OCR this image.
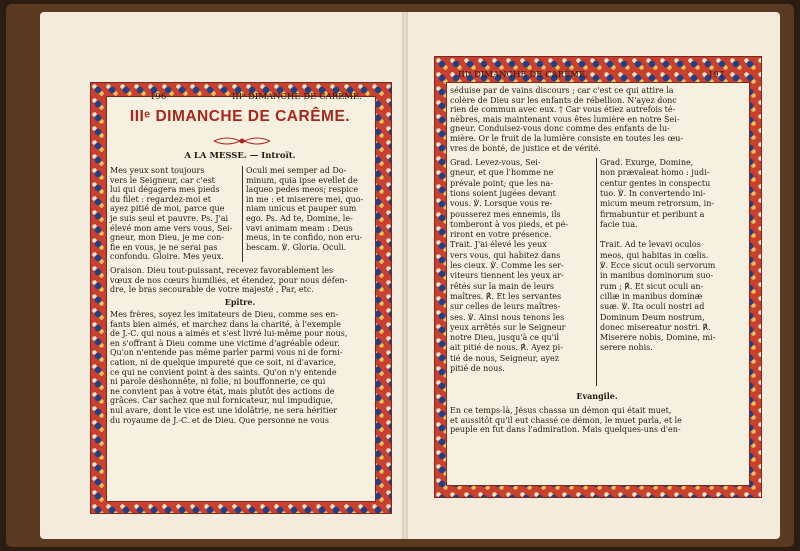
196	IIIᵉ DIMANCHE DE CARÊME.
IIIᵉ DIMANCHE DE CARÊME.
A LA MESSE. — Introït.
Mes yeux sont toujours
vers le Seigneur, car c'est
lui qui dégagera mes pieds
du filet : regardez-moi et
ayez pitié de moi, parce que
je suis seul et pauvre. Ps. J'ai
élevé mon ame vers vous, Sei-
gneur, mon Dieu, je me con-
fie en vous, je ne serai pas
confondu. Gloire. Mes yeux.
Oculi mei semper ad Do-
minum, quia ipse evellet de
laqueo pedes meos; respice
in me : et miserere mei, quo-
niam unicus et pauper sum
ego. Ps. Ad te, Domine, le-
vavi animam meam : Deus
meus, in te confido, non eru-
bescam. ℣. Gloria. Oculi.
Oraison. Dieu tout-puissant, recevez favorablement les
vœux de nos cœurs humiliés, et étendez, pour nous défen-
dre, le bras secourable de votre majesté , Par, etc.
Epître.
Mes frères, soyez les imitateurs de Dieu, comme ses en-
fants bien aimés, et marchez dans la charité, à l'exemple
de J.-C. qui nous a aimés et s'est livré lui-même pour nous,
en s'offrant à Dieu comme une victime d'agréable odeur.
Qu'on n'entende pas même parler parmi vous ni de forni-
cation, ni de quelque impureté que ce soit, ni d'avarice,
ce qui ne convient point à des saints. Qu'on n'y entende
ni parole déshonnête, ni folie, ni bouffonnerie, ce qui
ne convient pas à votre état, mais plutôt des actions de
grâces. Car sachez que nul fornicateur, nul impudique,
nul avare, dont le vice est une idolâtrie, ne sera héritier
du royaume de J.-C. et de Dieu. Que personne ne vous
IIIᵉ DIMANCHE DE CARÊME.	197
séduise par de vains discours ; car c'est ce qui attire la
colère de Dieu sur les enfants de rébellion. N'ayez donc
rien de commun avec eux. † Car vous étiez autrefois té-
nèbres, mais maintenant vous êtes lumière en notre Sei-
gneur. Conduisez-vous donc comme des enfants de lu-
mière. Or le fruit de la lumière consiste en toutes les œu-
vres de bonté, de justice et de vérité.
Grad. Levez-vous, Sei-
gneur, et que l'homme ne
prévale point; que les na-
tions soient jugées devant
vous. ℣. Lorsque vous re-
pousserez mes ennemis, ils
tomberont à vos pieds, et pé-
riront en votre présence.
Trait. J'ai élevé les yeux
vers vous, qui habitez dans
les cieux. ℣. Comme les ser-
viteurs tiennent les yeux ar-
rêtés sur la main de leurs
maîtres. ℟. Et les servantes
sur celles de leurs maîtres-
ses. ℣. Ainsi nous tenons les
yeux arrêtés sur le Seigneur
notre Dieu, jusqu'à ce qu'il
ait pitié de nous. ℟. Ayez pi-
tié de nous, Seigneur, ayez
pitié de nous.
Grad. Exurge, Domine,
non prævaleat homo : judi-
centur gentes in conspectu
tuo. ℣. In convertendo ini-
micum meum retrorsum, in-
firmabuntur et peribunt a
facie tua.
Trait. Ad te levavi oculos
meos, qui habitas in cœlis.
℣. Ecce sicut oculi servorum
in manibus dominorum suo-
rum ; ℟. Et sicut oculi an-
cillæ in manibus dominæ
suæ. ℣. Ita oculi nostri ad
Dominum Deum nostrum,
donec misereatur nostri. ℟.
Miserere nobis, Domine, mi-
serere nobis.
Evangile.
En ce temps-là, Jésus chassa un démon qui était muet,
et aussitôt qu'il eut chassé ce démon, le muet parla, et le
peuple en fut dans l'admiration. Mais quelques-uns d'en-
